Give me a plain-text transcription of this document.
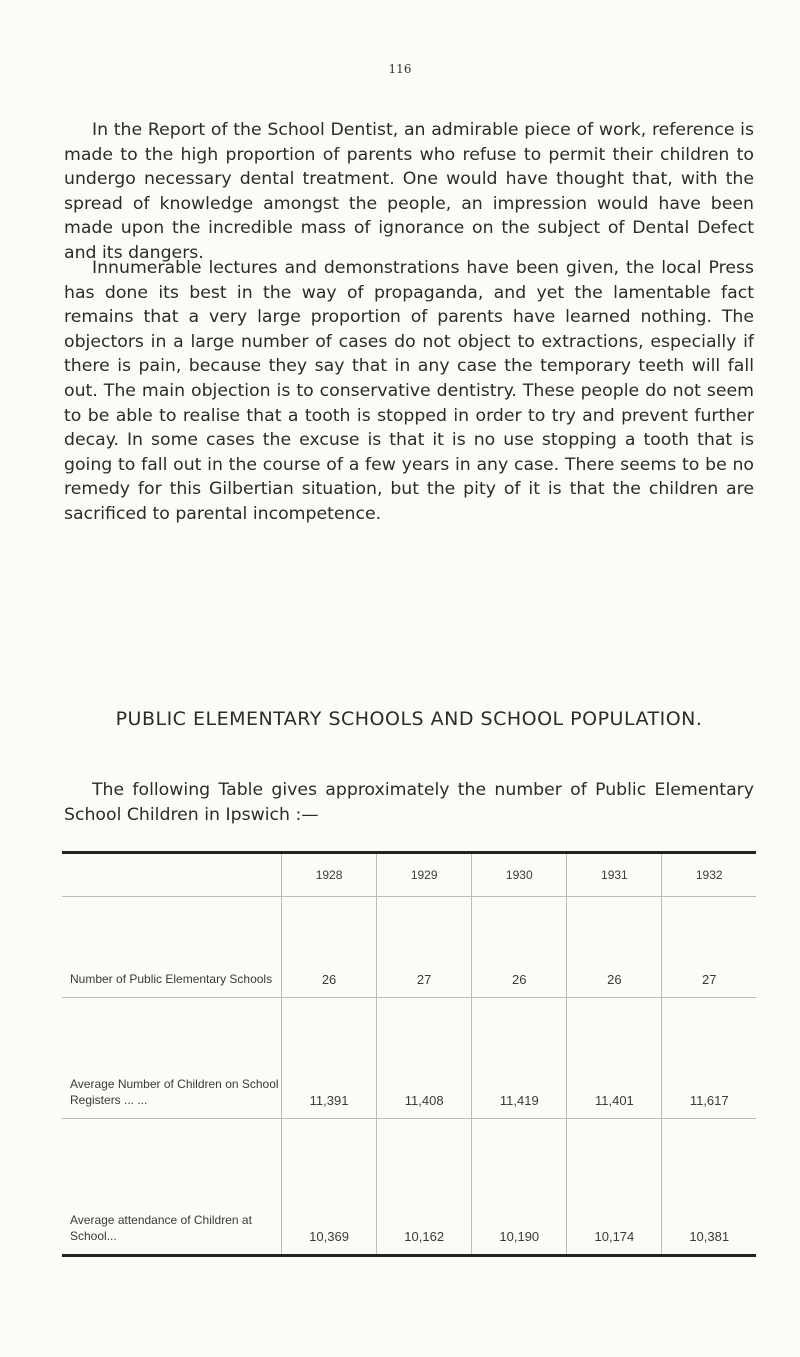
116

In the Report of the School Dentist, an admirable piece of work, reference is made to the high proportion of parents who refuse to permit their children to undergo necessary dental treatment. One would have thought that, with the spread of knowledge amongst the people, an impression would have been made upon the incredible mass of ignorance on the subject of Dental Defect and its dangers.

Innumerable lectures and demonstrations have been given, the local Press has done its best in the way of propaganda, and yet the lamentable fact remains that a very large proportion of parents have learned nothing. The objectors in a large number of cases do not object to extractions, especially if there is pain, because they say that in any case the temporary teeth will fall out. The main objection is to conservative dentistry. These people do not seem to be able to realise that a tooth is stopped in order to try and prevent further decay. In some cases the excuse is that it is no use stopping a tooth that is going to fall out in the course of a few years in any case. There seems to be no remedy for this Gilbertian situation, but the pity of it is that the children are sacrificed to parental incompetence.

PUBLIC ELEMENTARY SCHOOLS AND SCHOOL POPULATION.

The following Table gives approximately the number of Public Elementary School Children in Ipswich :—

	1928	1929	1930	1931	1932
Number of Public Elementary Schools	26	27	26	26	27
Average Number of Children on School Registers ... ...	11,391	11,408	11,419	11,401	11,617
Average attendance of Children at School...	10,369	10,162	10,190	10,174	10,381
